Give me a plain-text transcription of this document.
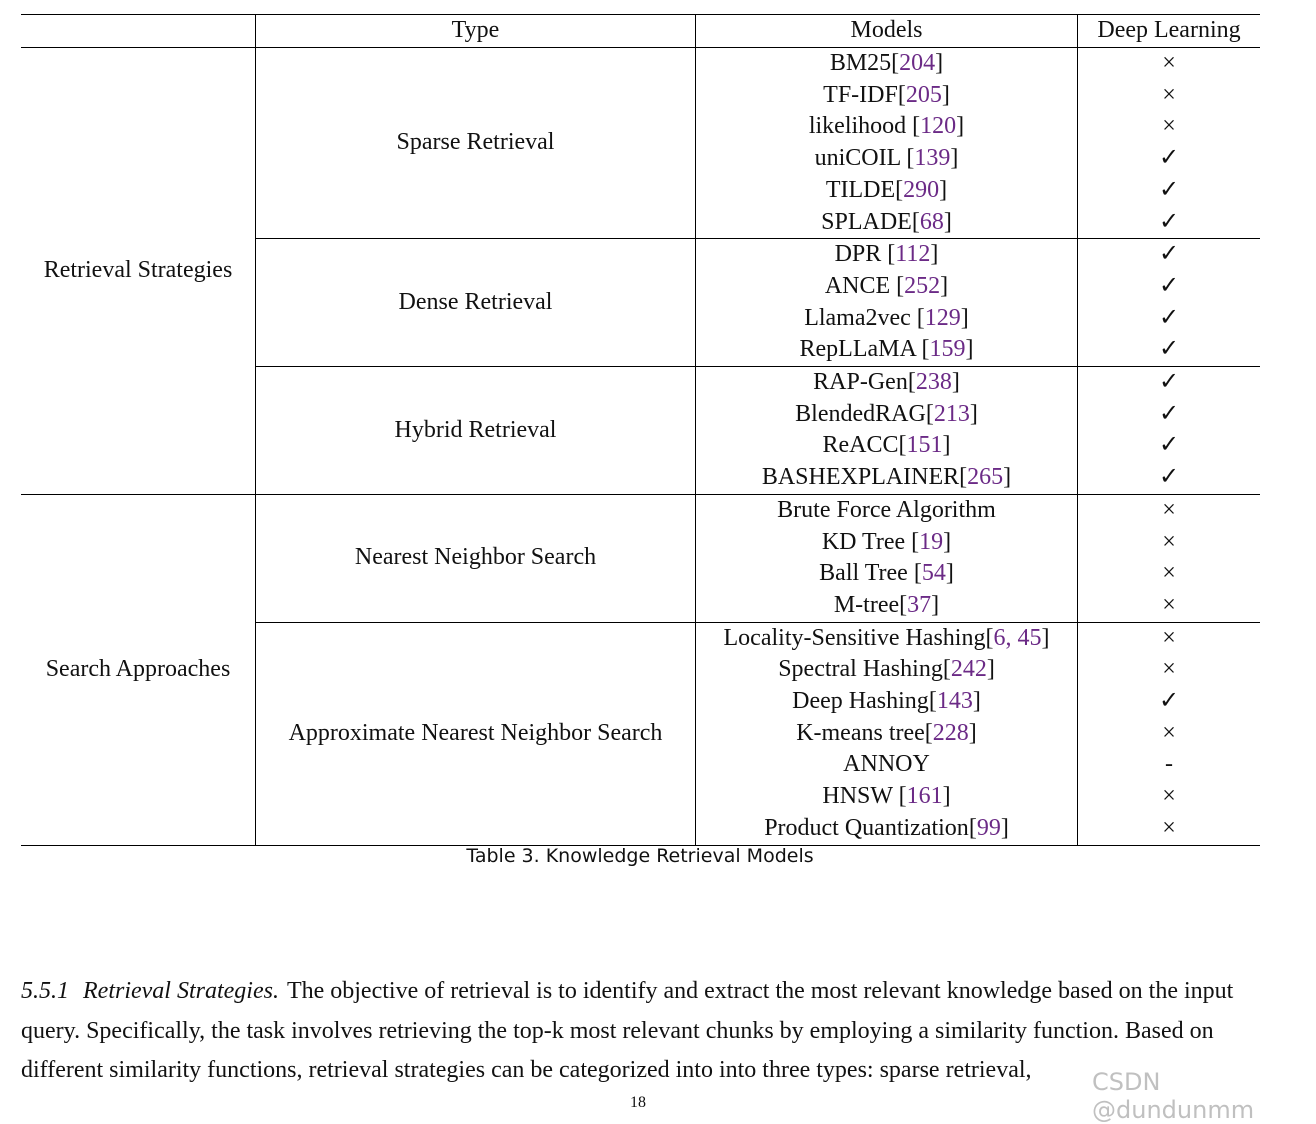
	Type	Models	Deep Learning
Retrieval Strategies	Sparse Retrieval	BM25[204]	×
		TF-IDF[205]	×
		likelihood [120]	×
		uniCOIL [139]	✓
		TILDE[290]	✓
		SPLADE[68]	✓
	Dense Retrieval	DPR [112]	✓
		ANCE [252]	✓
		Llama2vec [129]	✓
		RepLLaMA [159]	✓
	Hybrid Retrieval	RAP-Gen[238]	✓
		BlendedRAG[213]	✓
		ReACC[151]	✓
		BASHEXPLAINER[265]	✓
Search Approaches	Nearest Neighbor Search	Brute Force Algorithm	×
		KD Tree [19]	×
		Ball Tree [54]	×
		M-tree[37]	×
	Approximate Nearest Neighbor Search	Locality-Sensitive Hashing[6, 45]	×
		Spectral Hashing[242]	×
		Deep Hashing[143]	✓
		K-means tree[228]	×
		ANNOY	-
		HNSW [161]	×
		Product Quantization[99]	×
Table 3. Knowledge Retrieval Models
5.5.1 Retrieval Strategies. The objective of retrieval is to identify and extract the most relevant knowledge based on the input query. Specifically, the task involves retrieving the top-k most relevant chunks by employing a similarity function. Based on different similarity functions, retrieval strategies can be categorized into into three types: sparse retrieval,
18
CSDN @dundunmm
